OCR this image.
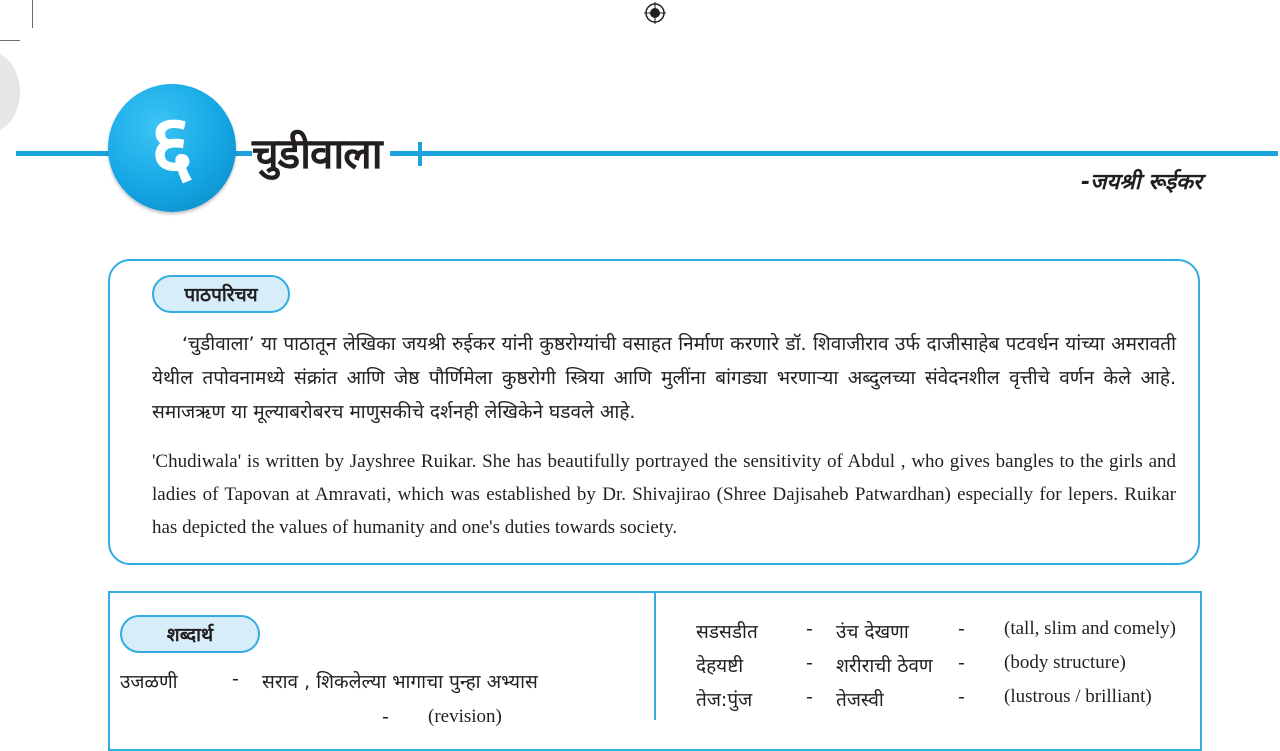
६ चुडीवाला
-जयश्री रूईकर
पाठपरिचय
‘चुडीवाला’ या पाठातून लेखिका जयश्री रुईकर यांनी कुष्ठरोग्यांची वसाहत निर्माण करणारे डॉ. शिवाजीराव उर्फ दाजीसाहेब पटवर्धन यांच्या अमरावती येथील तपोवनामध्ये संक्रांत आणि जेष्ठ पौर्णिमेला कुष्ठरोगी स्त्रिया आणि मुलींना बांगड्या भरणाऱ्या अब्दुलच्या संवेदनशील वृत्तीचे वर्णन केले आहे. समाजऋण या मूल्याबरोबरच माणुसकीचे दर्शनही लेखिकेने घडवले आहे.
'Chudiwala' is written by Jayshree Ruikar. She has beautifully portrayed the sensitivity of Abdul , who gives bangles to the girls and ladies of Tapovan at Amravati, which was established by Dr. Shivajirao (Shree Dajisaheb Patwardhan) especially for lepers. Ruikar has depicted the values of humanity and one's duties towards society.
शब्दार्थ
उजळणी	- सराव , शिकलेल्या भागाचा पुन्हा अभ्यास
- (revision)
सडसडीत	- उंच देखणा	- (tall, slim and comely)
देहयष्टी	- शरीराची ठेवण - (body structure)
तेज:पुंज	- तेजस्वी	- (lustrous / brilliant)
